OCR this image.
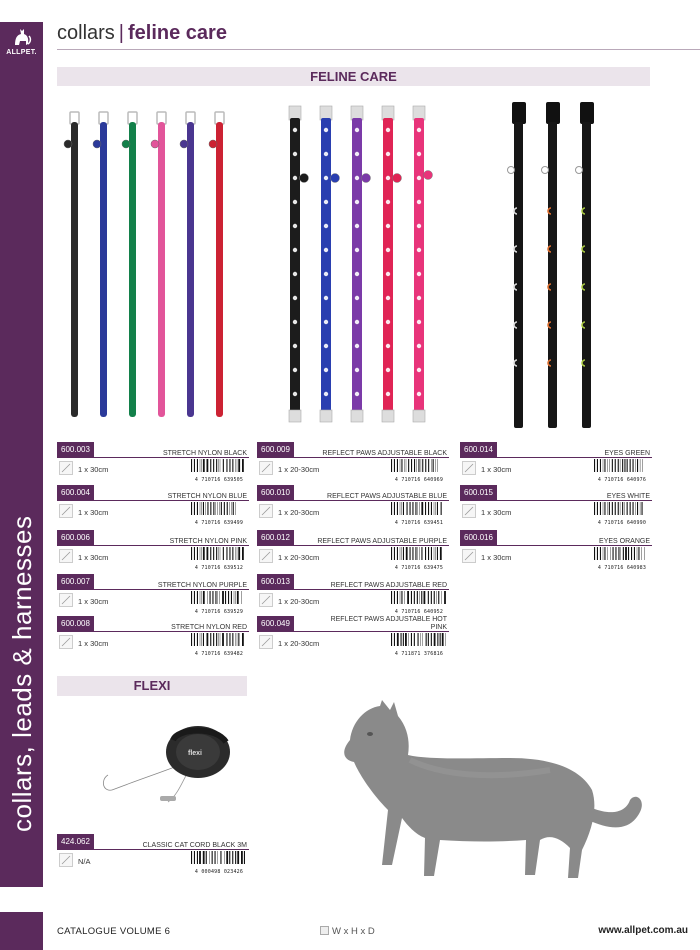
collars, leads & harnesses
ALLPET.
collars | feline care
FELINE CARE
FLEXI
600.003	STRETCH NYLON BLACK
1 x 30cm
4 710716 639505
600.004	STRETCH NYLON BLUE
1 x 30cm
4 710716 639499
600.006	STRETCH NYLON PINK
1 x 30cm
4 710716 639512
600.007	STRETCH NYLON PURPLE
1 x 30cm
4 710716 639529
600.008	STRETCH NYLON RED
1 x 30cm
4 710716 639482
600.009	REFLECT PAWS ADJUSTABLE BLACK
1 x 20-30cm
4 710716 640969
600.010	REFLECT PAWS ADJUSTABLE BLUE
1 x 20-30cm
4 710716 639451
600.012	REFLECT PAWS ADJUSTABLE PURPLE
1 x 20-30cm
4 710716 639475
600.013	REFLECT PAWS ADJUSTABLE RED
1 x 20-30cm
4 710716 640952
600.049	REFLECT PAWS ADJUSTABLE HOT PINK
1 x 20-30cm
4 711871 376816
600.014	EYES GREEN
1 x 30cm
4 710716 640976
600.015	EYES WHITE
1 x 30cm
4 710716 640990
600.016	EYES ORANGE
1 x 30cm
4 710716 640983
424.062	CLASSIC CAT CORD BLACK 3M
N/A
4 000498 023426
flexi
CATALOGUE VOLUME 6	W x H x D	www.allpet.com.au
